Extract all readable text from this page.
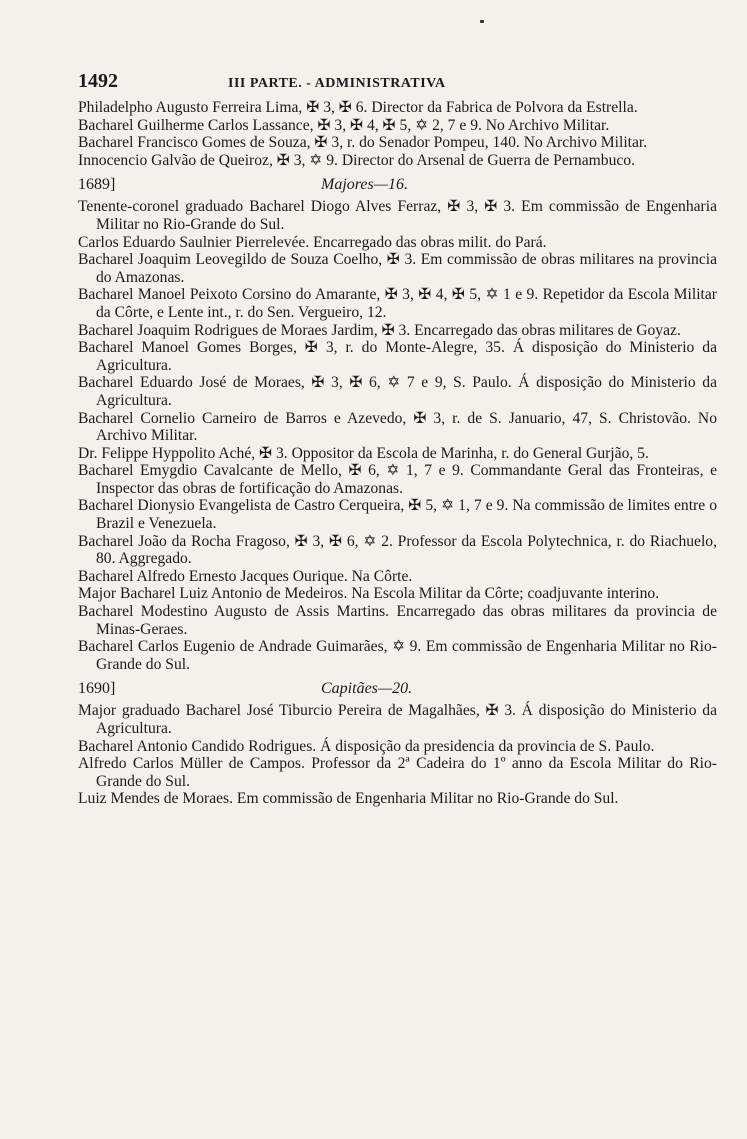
1492	III PARTE. - ADMINISTRATIVA

Philadelpho Augusto Ferreira Lima, ✠ 3, ✠ 6. Director da Fabrica de Polvora da Estrella.

Bacharel Guilherme Carlos Lassance, ✠ 3, ✠ 4, ✠ 5, ✡ 2, 7 e 9. No Archivo Militar.

Bacharel Francisco Gomes de Souza, ✠ 3, r. do Senador Pompeu, 140. No Archivo Militar.

Innocencio Galvão de Queiroz, ✠ 3, ✡ 9. Director do Arsenal de Guerra de Pernambuco.

1689]	Majores—16.

Tenente-coronel graduado Bacharel Diogo Alves Ferraz, ✠ 3, ✠ 3. Em commissão de Engenharia Militar no Rio-Grande do Sul.

Carlos Eduardo Saulnier Pierrelevée. Encarregado das obras milit. do Pará.

Bacharel Joaquim Leovegildo de Souza Coelho, ✠ 3. Em commissão de obras militares na provincia do Amazonas.

Bacharel Manoel Peixoto Corsino do Amarante, ✠ 3, ✠ 4, ✠ 5, ✡ 1 e 9. Repetidor da Escola Militar da Côrte, e Lente int., r. do Sen. Vergueiro, 12.

Bacharel Joaquim Rodrigues de Moraes Jardim, ✠ 3. Encarregado das obras militares de Goyaz.

Bacharel Manoel Gomes Borges, ✠ 3, r. do Monte-Alegre, 35. Á disposição do Ministerio da Agricultura.

Bacharel Eduardo José de Moraes, ✠ 3, ✠ 6, ✡ 7 e 9, S. Paulo. Á disposição do Ministerio da Agricultura.

Bacharel Cornelio Carneiro de Barros e Azevedo, ✠ 3, r. de S. Januario, 47, S. Christovão. No Archivo Militar.

Dr. Felippe Hyppolito Aché, ✠ 3. Oppositor da Escola de Marinha, r. do General Gurjão, 5.

Bacharel Emygdio Cavalcante de Mello, ✠ 6, ✡ 1, 7 e 9. Commandante Geral das Fronteiras, e Inspector das obras de fortificação do Amazonas.

Bacharel Dionysio Evangelista de Castro Cerqueira, ✠ 5, ✡ 1, 7 e 9. Na commissão de limites entre o Brazil e Venezuela.

Bacharel João da Rocha Fragoso, ✠ 3, ✠ 6, ✡ 2. Professor da Escola Polytechnica, r. do Riachuelo, 80. Aggregado.

Bacharel Alfredo Ernesto Jacques Ourique. Na Côrte.

Major Bacharel Luiz Antonio de Medeiros. Na Escola Militar da Côrte; coadjuvante interino.

Bacharel Modestino Augusto de Assis Martins. Encarregado das obras militares da provincia de Minas-Geraes.

Bacharel Carlos Eugenio de Andrade Guimarães, ✡ 9. Em commissão de Engenharia Militar no Rio-Grande do Sul.

1690]	Capitães—20.

Major graduado Bacharel José Tiburcio Pereira de Magalhães, ✠ 3. Á disposição do Ministerio da Agricultura.

Bacharel Antonio Candido Rodrigues. Á disposição da presidencia da provincia de S. Paulo.

Alfredo Carlos Müller de Campos. Professor da 2ª Cadeira do 1º anno da Escola Militar do Rio-Grande do Sul.

Luiz Mendes de Moraes. Em commissão de Engenharia Militar no Rio-Grande do Sul.
